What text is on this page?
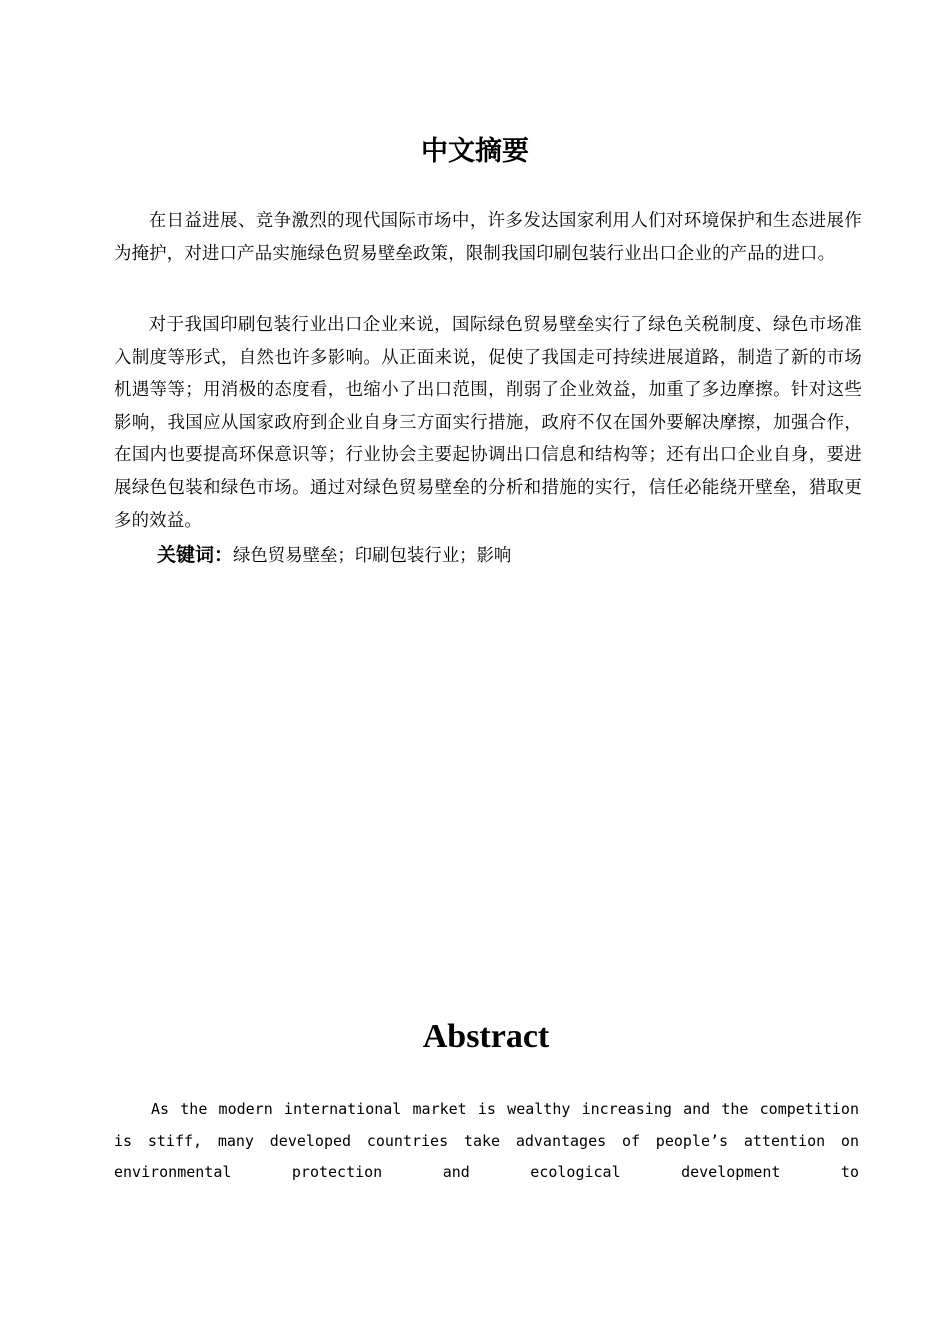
中文摘要

在日益进展、竞争激烈的现代国际市场中，许多发达国家利用人们对环境保护和生态进展作为掩护，对进口产品实施绿色贸易壁垒政策，限制我国印刷包装行业出口企业的产品的进口。

对于我国印刷包装行业出口企业来说，国际绿色贸易壁垒实行了绿色关税制度、绿色市场准入制度等形式，自然也许多影响。从正面来说，促使了我国走可持续进展道路，制造了新的市场机遇等等；用消极的态度看，也缩小了出口范围，削弱了企业效益，加重了多边摩擦。针对这些影响，我国应从国家政府到企业自身三方面实行措施，政府不仅在国外要解决摩擦，加强合作，在国内也要提高环保意识等；行业协会主要起协调出口信息和结构等；还有出口企业自身，要进展绿色包装和绿色市场。通过对绿色贸易壁垒的分析和措施的实行，信任必能绕开壁垒，猎取更多的效益。

关键词：绿色贸易壁垒；印刷包装行业；影响

Abstract

As the modern international market is wealthy increasing and the competition is stiff, many developed countries take advantages of people’s attention on environmental protection and ecological development to
